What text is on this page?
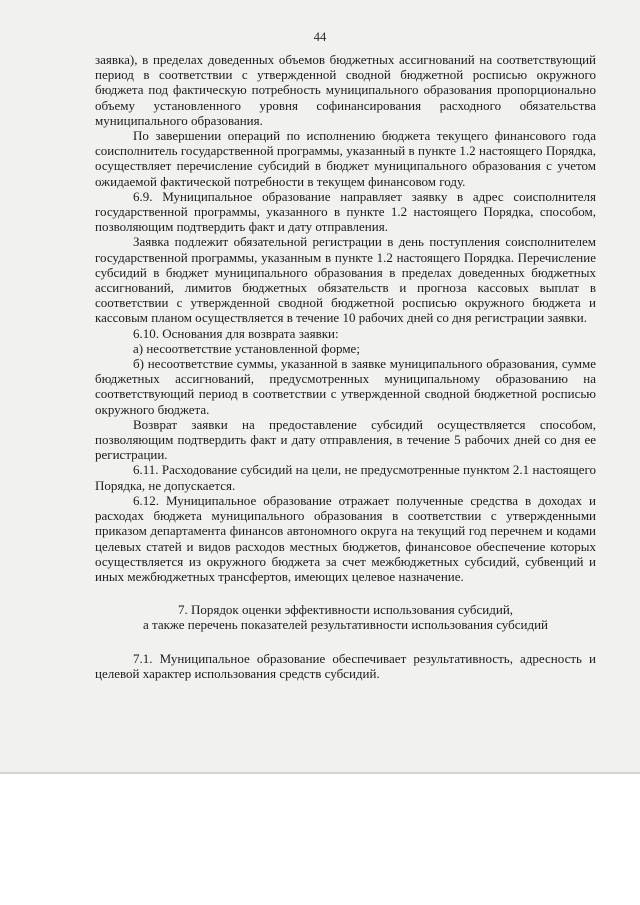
44

заявка), в пределах доведенных объемов бюджетных ассигнований на соответствующий период в соответствии с утвержденной сводной бюджетной росписью окружного бюджета под фактическую потребность муниципального образования пропорционально объему установленного уровня софинансирования расходного обязательства муниципального образования.

По завершении операций по исполнению бюджета текущего финансового года соисполнитель государственной программы, указанный в пункте 1.2 настоящего Порядка, осуществляет перечисление субсидий в бюджет муниципального образования с учетом ожидаемой фактической потребности в текущем финансовом году.

6.9. Муниципальное образование направляет заявку в адрес соисполнителя государственной программы, указанного в пункте 1.2 настоящего Порядка, способом, позволяющим подтвердить факт и дату отправления.

Заявка подлежит обязательной регистрации в день поступления соисполнителем государственной программы, указанным в пункте 1.2 настоящего Порядка. Перечисление субсидий в бюджет муниципального образования в пределах доведенных бюджетных ассигнований, лимитов бюджетных обязательств и прогноза кассовых выплат в соответствии с утвержденной сводной бюджетной росписью окружного бюджета и кассовым планом осуществляется в течение 10 рабочих дней со дня регистрации заявки.

6.10. Основания для возврата заявки:

а) несоответствие установленной форме;

б) несоответствие суммы, указанной в заявке муниципального образования, сумме бюджетных ассигнований, предусмотренных муниципальному образованию на соответствующий период в соответствии с утвержденной сводной бюджетной росписью окружного бюджета.

Возврат заявки на предоставление субсидий осуществляется способом, позволяющим подтвердить факт и дату отправления, в течение 5 рабочих дней со дня ее регистрации.

6.11. Расходование субсидий на цели, не предусмотренные пунктом 2.1 настоящего Порядка, не допускается.

6.12. Муниципальное образование отражает полученные средства в доходах и расходах бюджета муниципального образования в соответствии с утвержденными приказом департамента финансов автономного округа на текущий год перечнем и кодами целевых статей и видов расходов местных бюджетов, финансовое обеспечение которых осуществляется из окружного бюджета за счет межбюджетных субсидий, субвенций и иных межбюджетных трансфертов, имеющих целевое назначение.

7. Порядок оценки эффективности использования субсидий,
а также перечень показателей результативности использования субсидий

7.1. Муниципальное образование обеспечивает результативность, адресность и целевой характер использования средств субсидий.
